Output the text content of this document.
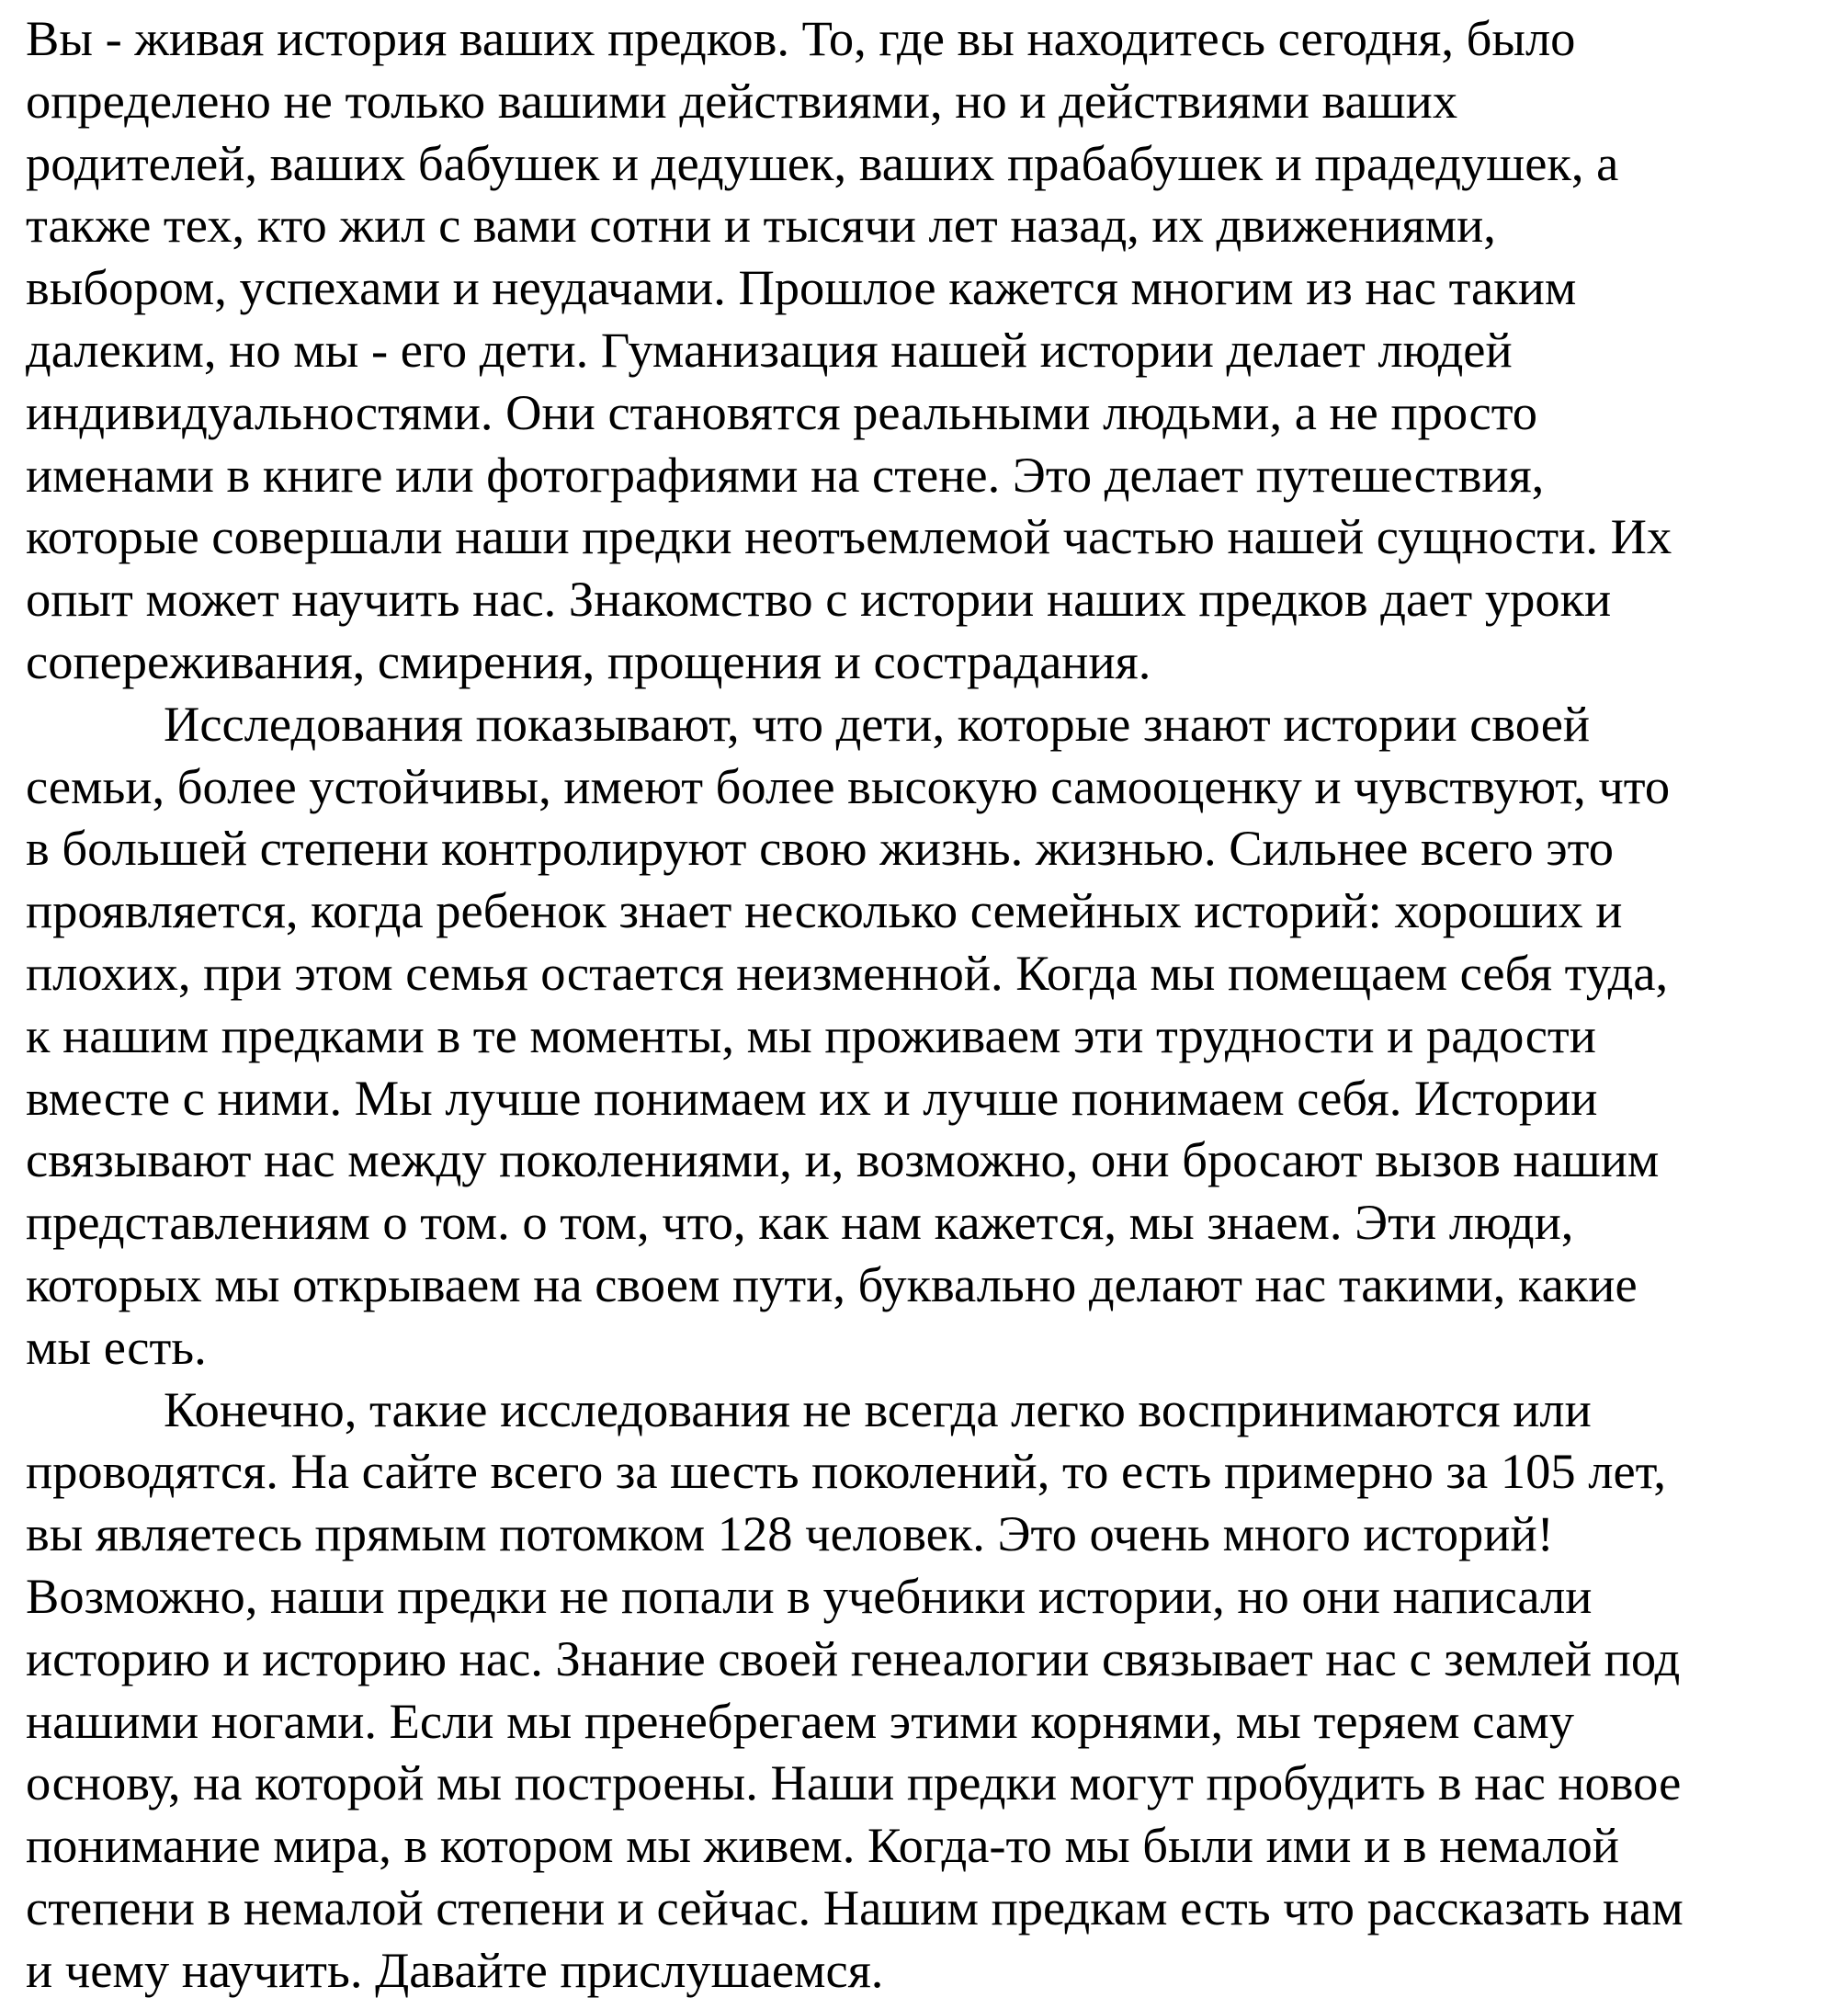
Вы - живая история ваших предков. То, где вы находитесь сегодня, было
определено не только вашими действиями, но и действиями ваших
родителей, ваших бабушек и дедушек, ваших прабабушек и прадедушек, а
также тех, кто жил с вами сотни и тысячи лет назад, их движениями,
выбором, успехами и неудачами. Прошлое кажется многим из нас таким
далеким, но мы - его дети. Гуманизация нашей истории делает людей
индивидуальностями. Они становятся реальными людьми, а не просто
именами в книге или фотографиями на стене. Это делает путешествия,
которые совершали наши предки неотъемлемой частью нашей сущности. Их
опыт может научить нас. Знакомство с истории наших предков дает уроки
сопереживания, смирения, прощения и сострадания.

Исследования показывают, что дети, которые знают истории своей
семьи, более устойчивы, имеют более высокую самооценку и чувствуют, что
в большей степени контролируют свою жизнь. жизнью. Сильнее всего это
проявляется, когда ребенок знает несколько семейных историй: хороших и
плохих, при этом семья остается неизменной. Когда мы помещаем себя туда,
к нашим предками в те моменты, мы проживаем эти трудности и радости
вместе с ними. Мы лучше понимаем их и лучше понимаем себя. Истории
связывают нас между поколениями, и, возможно, они бросают вызов нашим
представлениям о том. о том, что, как нам кажется, мы знаем. Эти люди,
которых мы открываем на своем пути, буквально делают нас такими, какие
мы есть.

Конечно, такие исследования не всегда легко воспринимаются или
проводятся. На сайте всего за шесть поколений, то есть примерно за 105 лет,
вы являетесь прямым потомком 128 человек. Это очень много историй!
Возможно, наши предки не попали в учебники истории, но они написали
историю и историю нас. Знание своей генеалогии связывает нас с землей под
нашими ногами. Если мы пренебрегаем этими корнями, мы теряем саму
основу, на которой мы построены. Наши предки могут пробудить в нас новое
понимание мира, в котором мы живем. Когда-то мы были ими и в немалой
степени в немалой степени и сейчас. Нашим предкам есть что рассказать нам
и чему научить. Давайте прислушаемся.
